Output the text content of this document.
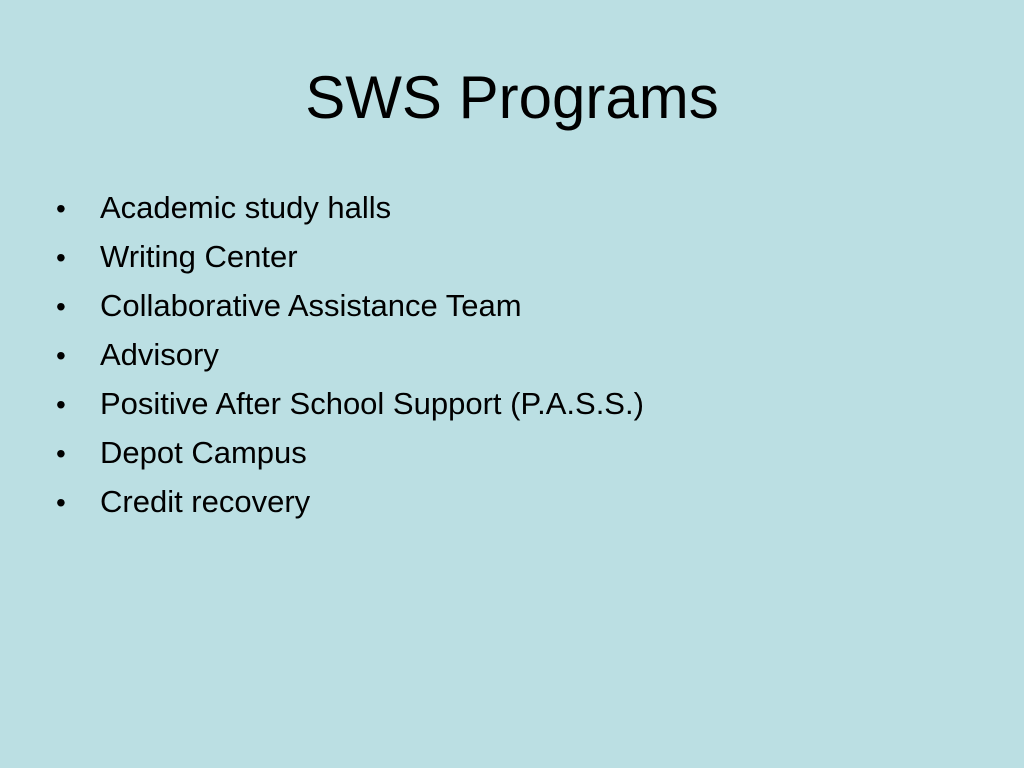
SWS Programs
•	Academic study halls
•	Writing Center
•	Collaborative Assistance Team
•	Advisory
•	Positive After School Support (P.A.S.S.)
•	Depot Campus
•	Credit recovery
